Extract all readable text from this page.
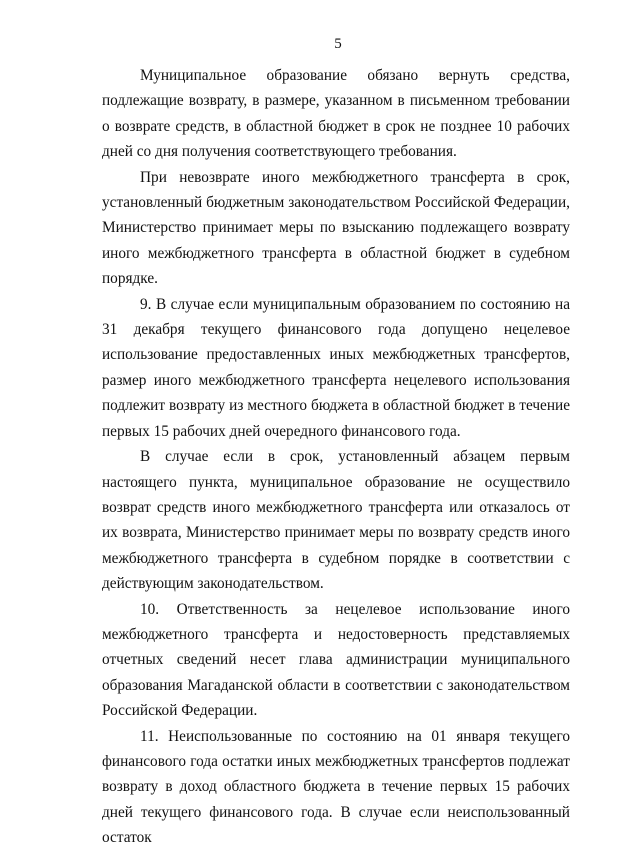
5

Муниципальное образование обязано вернуть средства, подлежащие возврату, в размере, указанном в письменном требовании о возврате средств, в областной бюджет в срок не позднее 10 рабочих дней со дня получения соответствующего требования.

При невозврате иного межбюджетного трансферта в срок, установленный бюджетным законодательством Российской Федерации, Министерство принимает меры по взысканию подлежащего возврату иного межбюджетного трансферта в областной бюджет в судебном порядке.

9. В случае если муниципальным образованием по состоянию на 31 декабря текущего финансового года допущено нецелевое использование предоставленных иных межбюджетных трансфертов, размер иного межбюджетного трансферта нецелевого использования подлежит возврату из местного бюджета в областной бюджет в течение первых 15 рабочих дней очередного финансового года.

В случае если в срок, установленный абзацем первым настоящего пункта, муниципальное образование не осуществило возврат средств иного межбюджетного трансферта или отказалось от их возврата, Министерство принимает меры по возврату средств иного межбюджетного трансферта в судебном порядке в соответствии с действующим законодательством.

10. Ответственность за нецелевое использование иного межбюджетного трансферта и недостоверность представляемых отчетных сведений несет глава администрации муниципального образования Магаданской области в соответствии с законодательством Российской Федерации.

11. Неиспользованные по состоянию на 01 января текущего финансового года остатки иных межбюджетных трансфертов подлежат возврату в доход областного бюджета в течение первых 15 рабочих дней текущего финансового года. В случае если неиспользованный остаток
